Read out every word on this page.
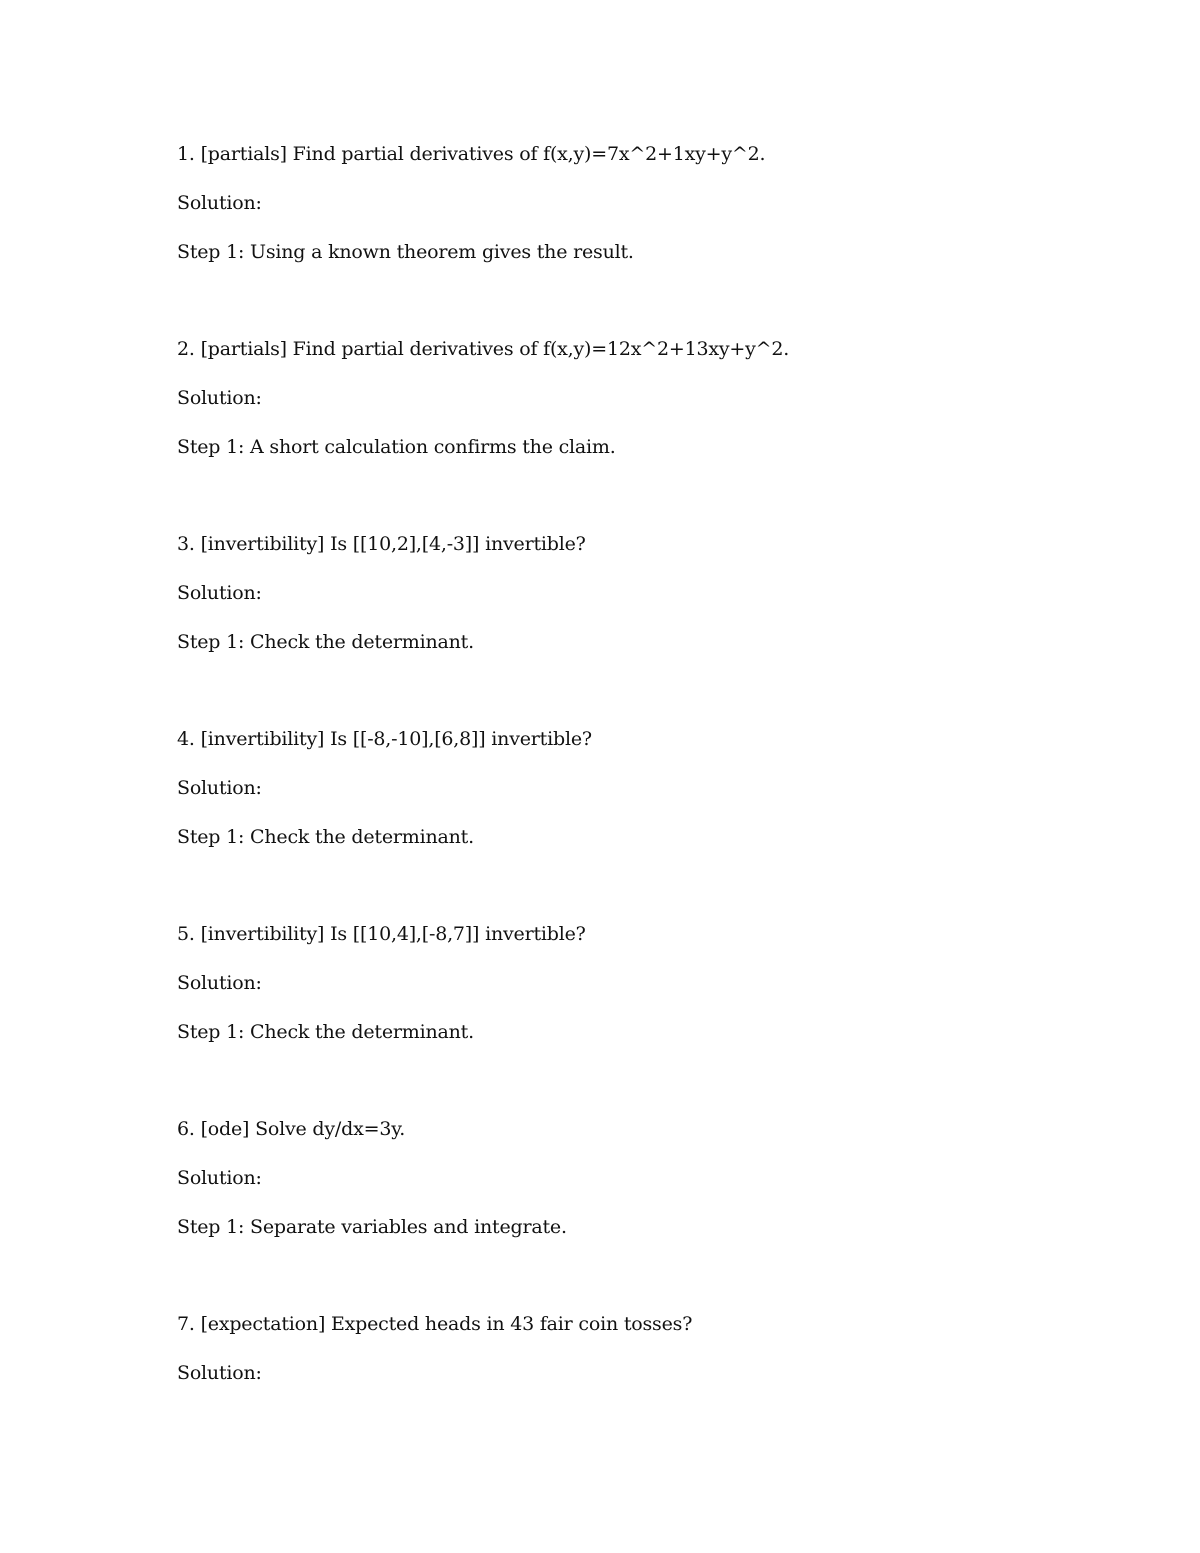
1. [partials] Find partial derivatives of f(x,y)=7x^2+1xy+y^2.
Solution:
Step 1: Using a known theorem gives the result.
2. [partials] Find partial derivatives of f(x,y)=12x^2+13xy+y^2.
Solution:
Step 1: A short calculation confirms the claim.
3. [invertibility] Is [[10,2],[4,-3]] invertible?
Solution:
Step 1: Check the determinant.
4. [invertibility] Is [[-8,-10],[6,8]] invertible?
Solution:
Step 1: Check the determinant.
5. [invertibility] Is [[10,4],[-8,7]] invertible?
Solution:
Step 1: Check the determinant.
6. [ode] Solve dy/dx=3y.
Solution:
Step 1: Separate variables and integrate.
7. [expectation] Expected heads in 43 fair coin tosses?
Solution:
